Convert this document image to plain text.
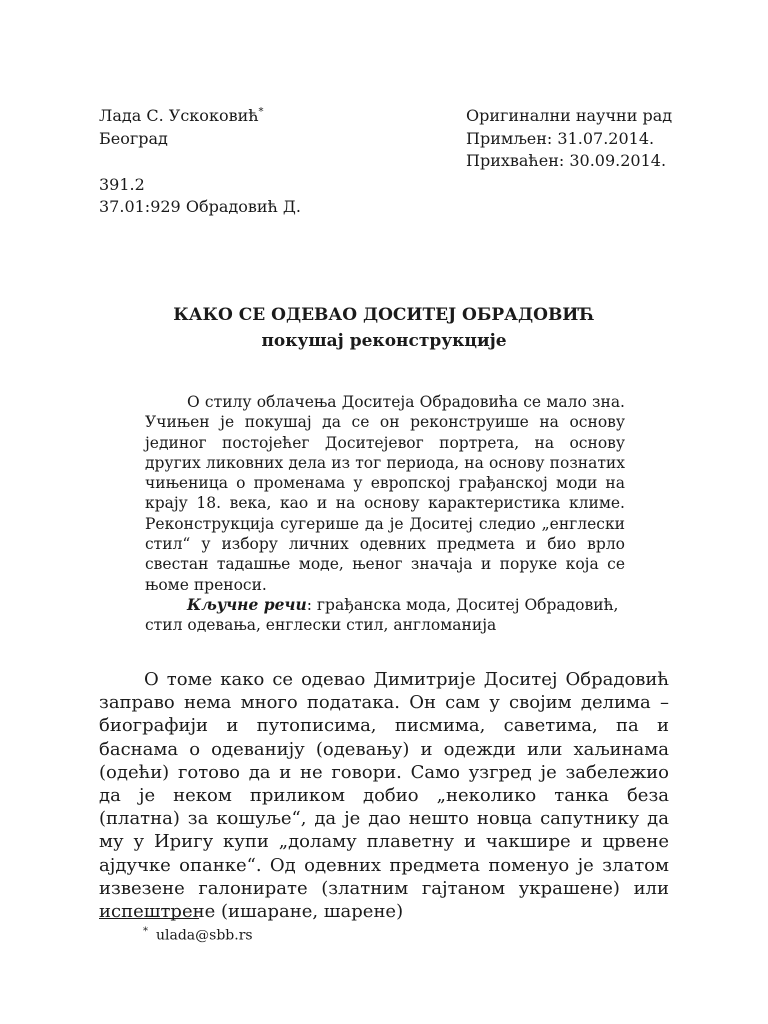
Лада С. Ускоковић*
Београд
391.2
37.01:929 Обрадовић Д.
Оригинални научни рад
Примљен: 31.07.2014.
Прихваћен: 30.09.2014.
КАКО СЕ ОДЕВАО ДОСИТЕЈ ОБРАДОВИЋ
покушај реконструкције

О стилу облачења Доситеја Обрадовића се мало зна. Учињен је покушај да се он реконструише на основу јединог постојећег Доситејевог портрета, на основу других ликовних дела из тог периода, на основу познатих чињеница о променама у европској грађанској моди на крају 18. века, као и на основу карактеристика климе. Реконструкција сугерише да је Доситеј следио „енглески стил“ у избору личних одевних предмета и био врло свестан тадашње моде, њеног значаја и поруке која се њоме преноси.

Кључне речи: грађанска мода, Доситеј Обрадовић, стил одевања, енглески стил, англоманија

О томе како се одевао Димитрије Доситеј Обрадовић заправо нема много података. Он сам у својим делима – биографији и путописима, писмима, саветима, па и баснама о одеванију (одевању) и одежди или хаљинама (одећи) готово да и не говори. Само узгред је забележио да је неком приликом добио „неколико танка безa (платна) за кошуље“, да је дао нешто новца сапутнику да му у Иригу купи „доламу плаветну и чакшире и црвене ајдучке опанке“. Од одевних предмета поменуо је златом извезене галонирате (златним гајтаном украшене) или испештрене (ишаране, шарене)

* ulada@sbb.rs
